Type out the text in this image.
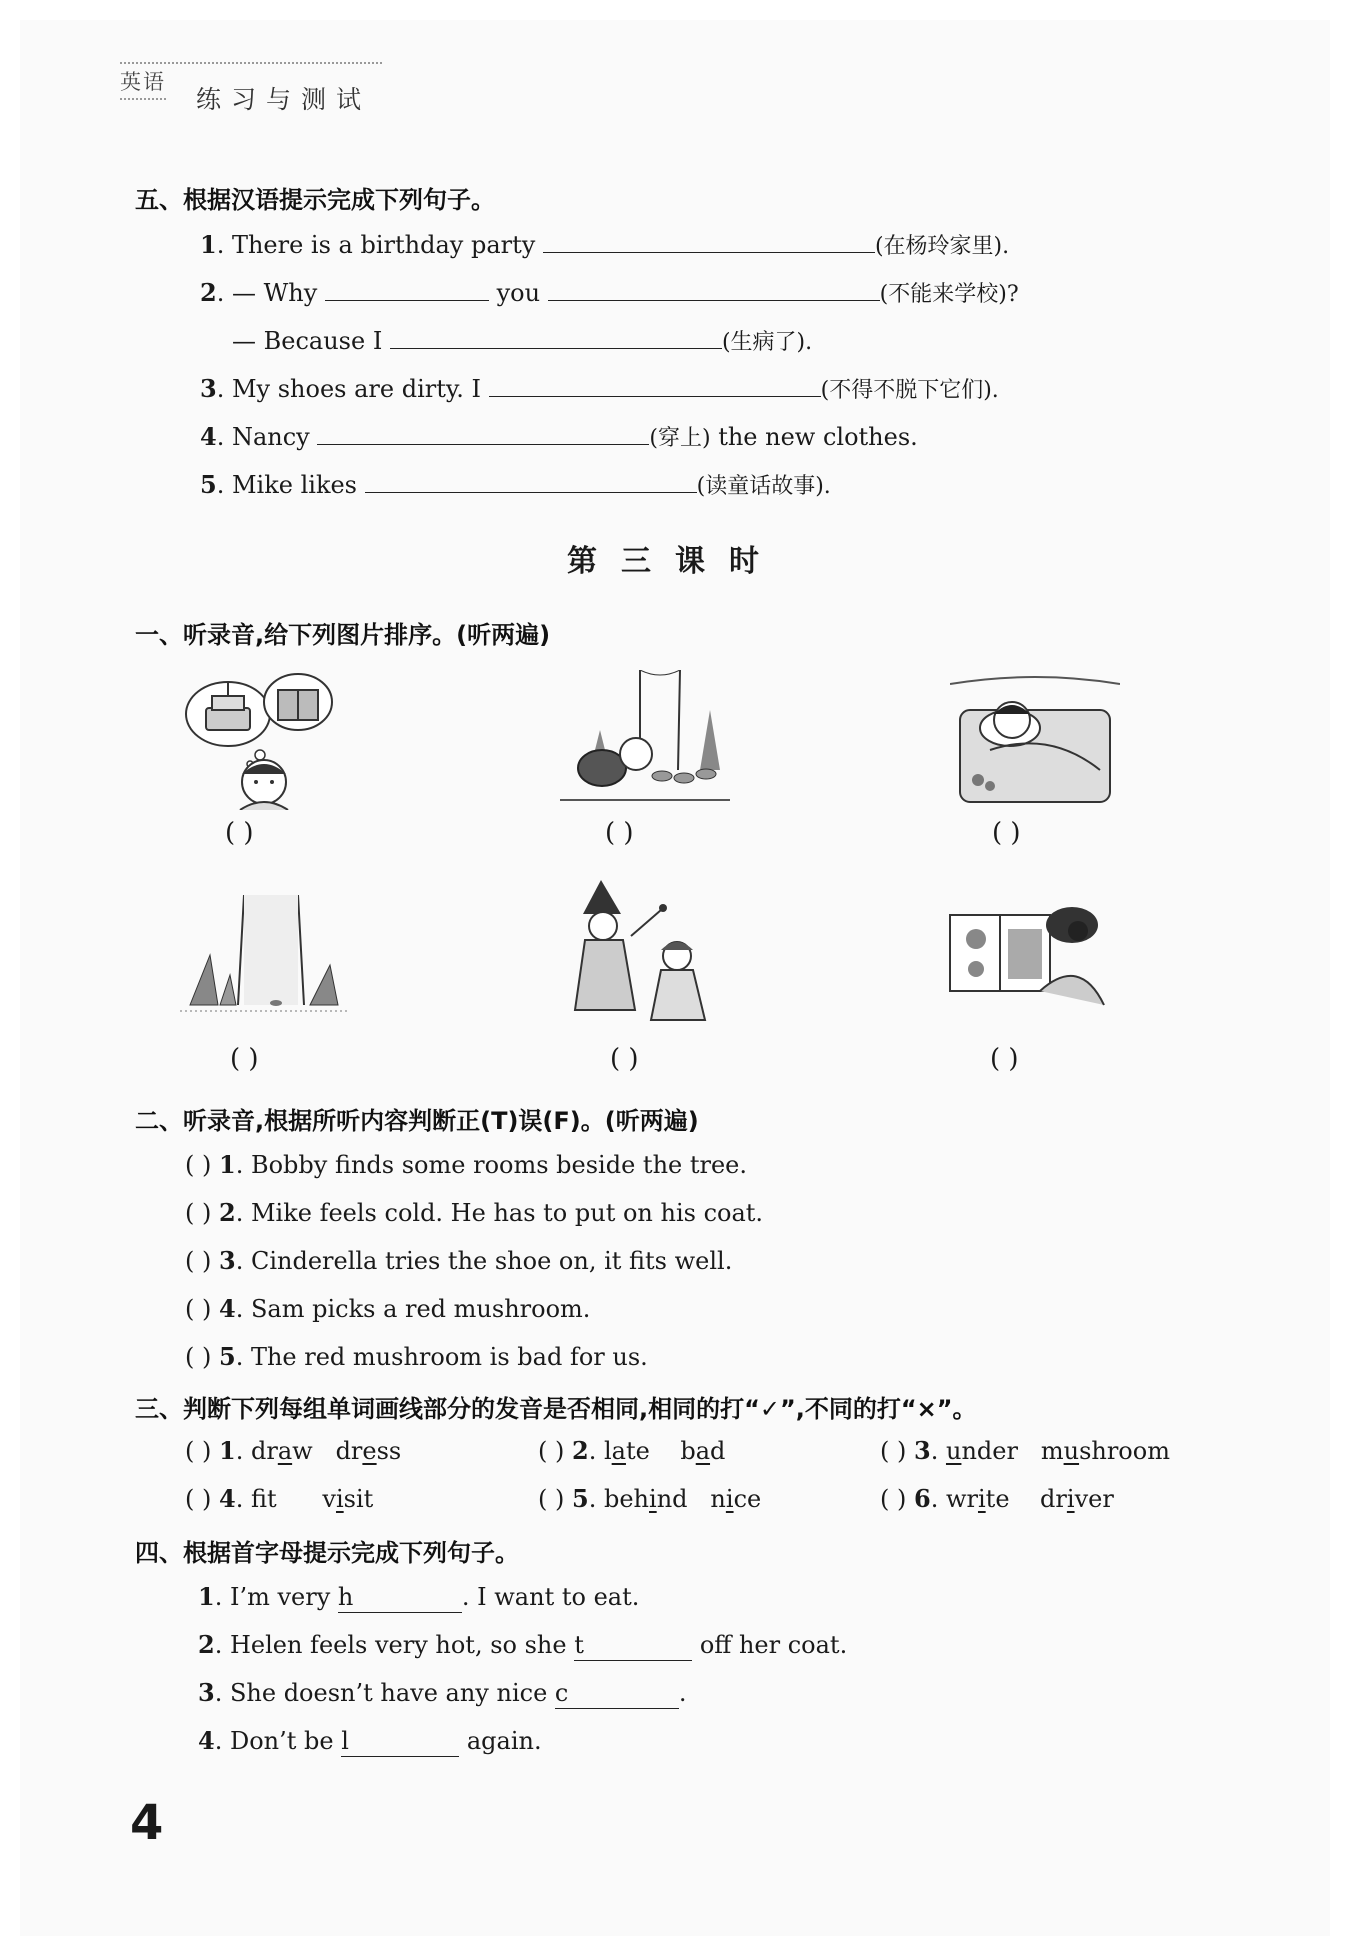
英语
练习与测试
五、根据汉语提示完成下列句子。
1. There is a birthday party	(在杨玲家里).
2. — Why	you	(不能来学校)?
— Because I	(生病了).
3. My shoes are dirty. I	(不得不脱下它们).
4. Nancy	(穿上) the new clothes.
5. Mike likes	(读童话故事).
第三课时
一、听录音,给下列图片排序。(听两遍)
( )	( )	( )
( )	( )	( )
二、听录音,根据所听内容判断正(T)误(F)。(听两遍)
( ) 1. Bobby finds some rooms beside the tree.
( ) 2. Mike feels cold. He has to put on his coat.
( ) 3. Cinderella tries the shoe on, it fits well.
( ) 4. Sam picks a red mushroom.
( ) 5. The red mushroom is bad for us.
三、判断下列每组单词画线部分的发音是否相同,相同的打“✓”,不同的打“×”。
( ) 1. draw dress	( ) 2. late bad	( ) 3. under mushroom
( ) 4. ft visit	( ) 5. behind nice	( ) 6. write driver
四、根据首字母提示完成下列句子。
1. I’m very h	. I want to eat.
2. Helen feels very hot, so she t	off her coat.
3. She doesn’t have any nice c	.
4. Don’t be l	again.
4
